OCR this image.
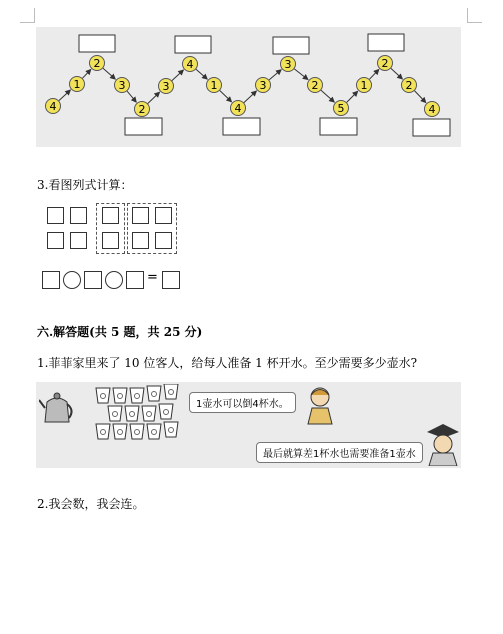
4
1
2
3
2
3
4
1
4
3
3
2
5
1
2
2
4
3.看图列式计算：
=
六.解答题(共 5 题，共 25 分)
1.菲菲家里来了 10 位客人，给每人准备 1 杯开水。至少需要多少壶水?
1壶水可以倒4杯水。
最后就算差1杯水也需要准备1壶水
2.我会数，我会连。
